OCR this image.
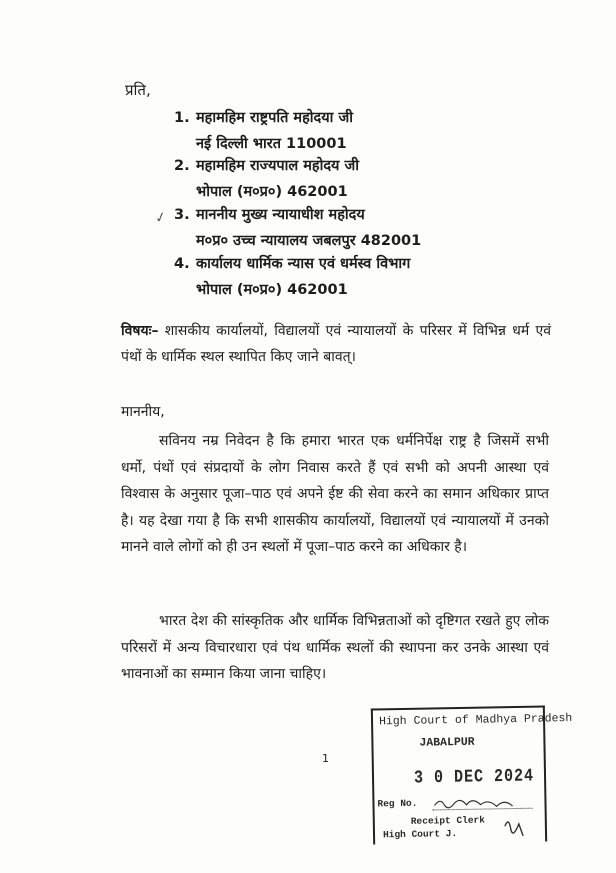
प्रति,
1. महामहिम राष्ट्रपति महोदया जी
नई दिल्ली भारत 110001
2. महामहिम राज्यपाल महोदय जी
भोपाल (म०प्र०) 462001
✓ 3. माननीय मुख्य न्यायाधीश महोदय
म०प्र० उच्च न्यायालय जबलपुर 482001
4. कार्यालय धार्मिक न्यास एवं धर्मस्व विभाग
भोपाल (म०प्र०) 462001
विषयः– शासकीय कार्यालयों, विद्यालयों एवं न्यायालयों के परिसर में विभिन्न धर्म एवं पंथों के धार्मिक स्थल स्थापित किए जाने बावत्।
माननीय,
सविनय नम्र निवेदन है कि हमारा भारत एक धर्मनिर्पेक्ष राष्ट्र है जिसमें सभी धर्मो, पंथों एवं संप्रदायों के लोग निवास करते हैं एवं सभी को अपनी आस्था एवं विश्वास के अनुसार पूजा–पाठ एवं अपने ईष्ट की सेवा करने का समान अधिकार प्राप्त है। यह देखा गया है कि सभी शासकीय कार्यालयों, विद्यालयों एवं न्यायालयों में उनको मानने वाले लोगों को ही उन स्थलों में पूजा–पाठ करने का अधिकार है।
भारत देश की सांस्कृतिक और धार्मिक विभिन्नताओं को दृष्टिगत रखते हुए लोक परिसरों में अन्य विचारधारा एवं पंथ धार्मिक स्थलों की स्थापना कर उनके आस्था एवं भावनाओं का सम्मान किया जाना चाहिए।
1
High Court of Madhya Pradesh
JABALPUR
3 0 DEC 2024
Reg No.
Receipt Clerk
High Court J.
